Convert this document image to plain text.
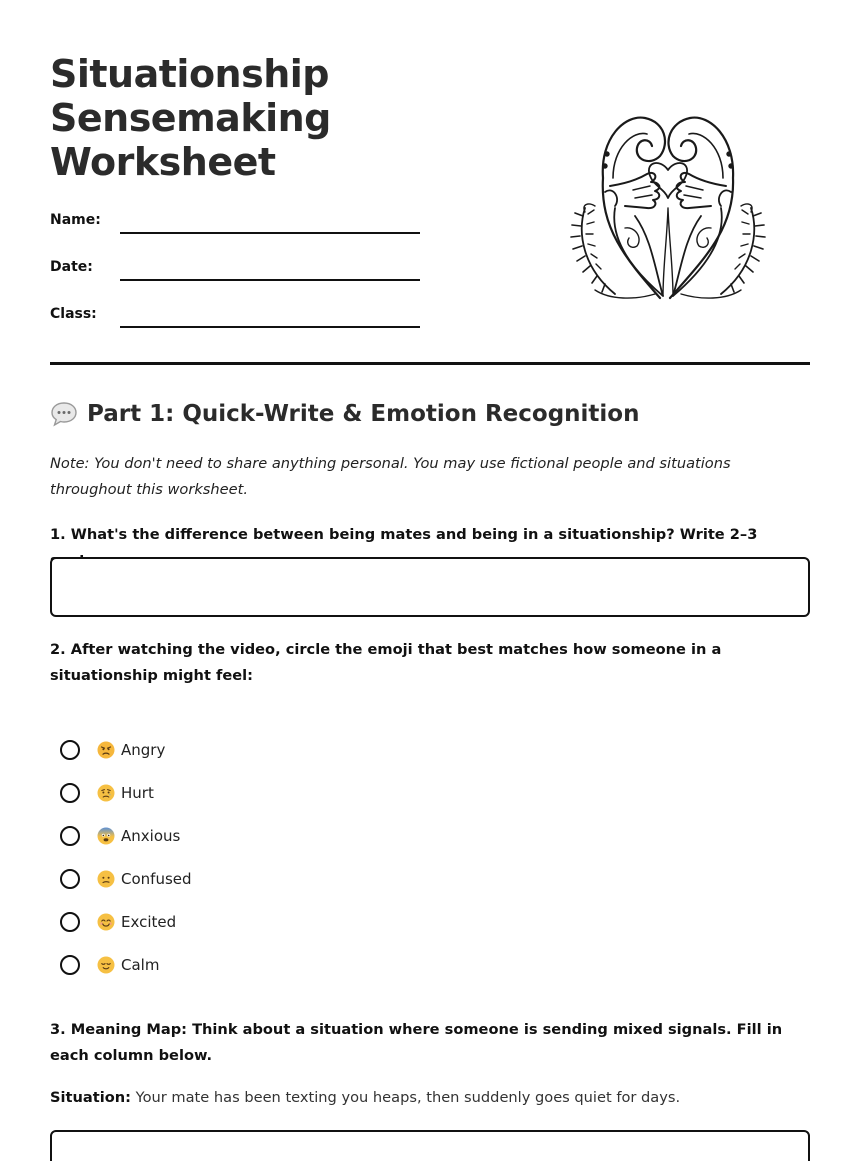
Situationship Sensemaking Worksheet
Name:
Date:
Class:
Part 1: Quick-Write & Emotion Recognition

Note: You don't need to share anything personal. You may use fictional people and situations throughout this worksheet.

1. What's the difference between being mates and being in a situationship? Write 2–3

2. After watching the video, circle the emoji that best matches how someone in a situationship might feel:

Angry
Hurt
Anxious
Confused
Excited
Calm

3. Meaning Map: Think about a situation where someone is sending mixed signals. Fill in each column below.

Situation: Your mate has been texting you heaps, then suddenly goes quiet for days.
